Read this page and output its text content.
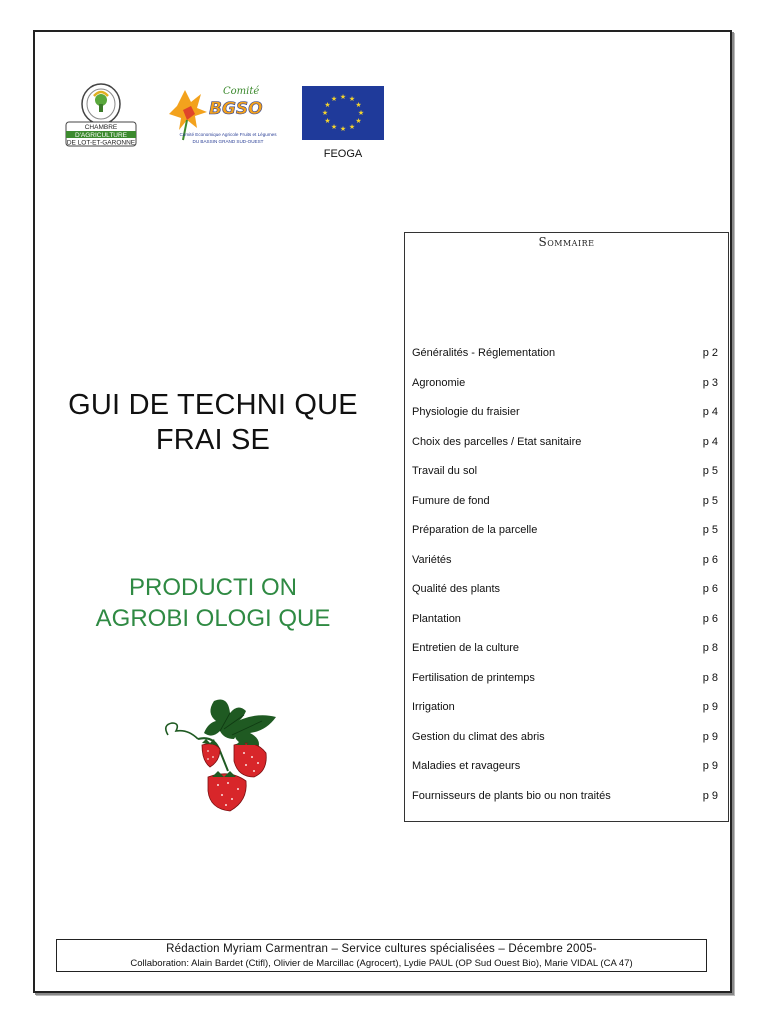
CHAMBRE
D'AGRICULTURE
DE LOT-ET-GARONNE
Comité
BGSO
Comité Economique Agricole Fruits et Légumes
DU BASSIN GRAND SUD-OUEST
★ ★
★
★
★
★
★
★
★
★
★
★
FEOGA
GUI DE TECHNI QUE
FRAI SE
PRODUCTI ON
AGROBI OLOGI QUE
Sommaire
Généralités - Réglementation	p 2
Agronomie	p 3
Physiologie du fraisier	p 4
Choix des parcelles / Etat sanitaire	p 4
Travail du sol	p 5
Fumure de fond	p 5
Préparation de la parcelle	p 5
Variétés	p 6
Qualité des plants	p 6
Plantation	p 6
Entretien de la culture	p 8
Fertilisation de printemps	p 8
Irrigation	p 9
Gestion du climat des abris	p 9
Maladies et ravageurs	p 9
Fournisseurs de plants bio ou non traités	p 9
Rédaction Myriam Carmentran – Service cultures spécialisées – Décembre 2005-
Collaboration: Alain Bardet (Ctifl), Olivier de Marcillac (Agrocert), Lydie PAUL (OP Sud Ouest Bio), Marie VIDAL (CA 47)
